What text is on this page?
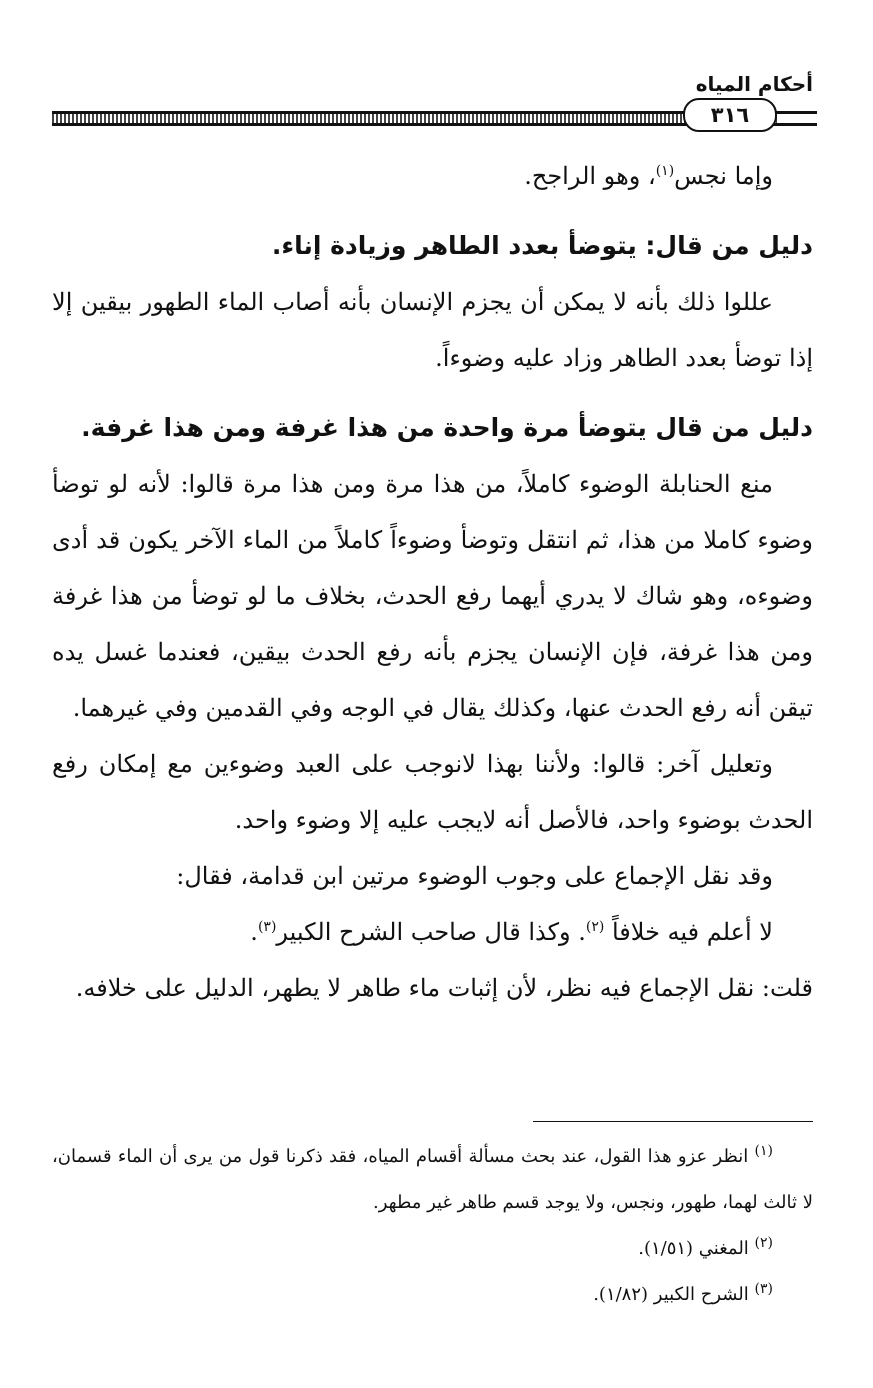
أحكام المياه
٣١٦

وإما نجس$^{(١)}$، وهو الراجح.

دليل من قال: يتوضأ بعدد الطاهر وزيادة إناء.

عللوا ذلك بأنه لا يمكن أن يجزم الإنسان بأنه أصاب الماء الطهور بيقين إلا إذا توضأ بعدد الطاهر وزاد عليه وضوءاً.

دليل من قال يتوضأ مرة واحدة من هذا غرفة ومن هذا غرفة.

منع الحنابلة الوضوء كاملاً، من هذا مرة ومن هذا مرة قالوا: لأنه لو توضأ وضوء كاملا من هذا، ثم انتقل وتوضأ وضوءاً كاملاً من الماء الآخر يكون قد أدى وضوءه، وهو شاك لا يدري أيهما رفع الحدث، بخلاف ما لو توضأ من هذا غرفة ومن هذا غرفة، فإن الإنسان يجزم بأنه رفع الحدث بيقين، فعندما غسل يده تيقن أنه رفع الحدث عنها، وكذلك يقال في الوجه وفي القدمين وفي غيرهما.

وتعليل آخر: قالوا: ولأننا بهذا لانوجب على العبد وضوءين مع إمكان رفع الحدث بوضوء واحد، فالأصل أنه لايجب عليه إلا وضوء واحد.

وقد نقل الإجماع على وجوب الوضوء مرتين ابن قدامة، فقال:

لا أعلم فيه خلافاً $^{(٢)}$. وكذا قال صاحب الشرح الكبير$^{(٣)}$.

قلت: نقل الإجماع فيه نظر، لأن إثبات ماء طاهر لا يطهر، الدليل على خلافه.

$^{(١)}$ انظر عزو هذا القول، عند بحث مسألة أقسام المياه، فقد ذكرنا قول من يرى أن الماء قسمان، لا ثالث لهما، طهور، ونجس، ولا يوجد قسم طاهر غير مطهر.

$^{(٢)}$ المغني (١/٥١).

$^{(٣)}$ الشرح الكبير (١/٨٢).
